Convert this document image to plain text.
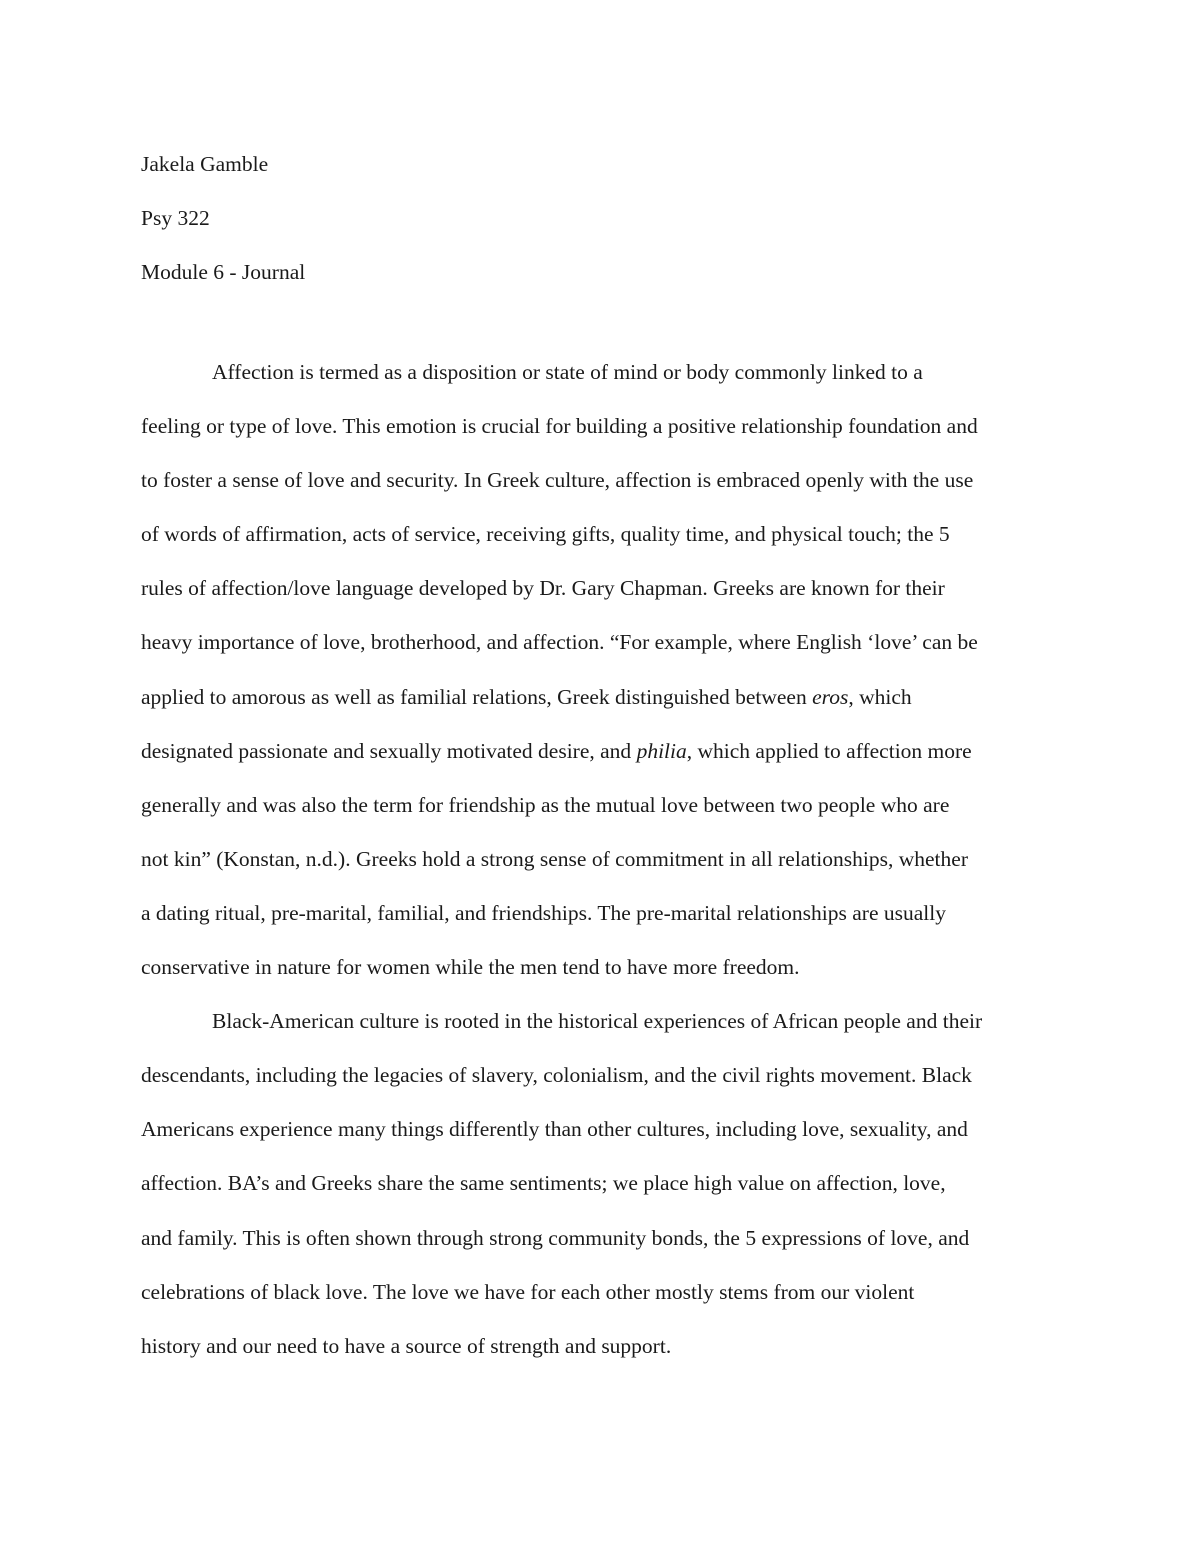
Jakela Gamble
Psy 322
Module 6 - Journal
Affection is termed as a disposition or state of mind or body commonly linked to a
feeling or type of love. This emotion is crucial for building a positive relationship foundation and
to foster a sense of love and security. In Greek culture, affection is embraced openly with the use
of words of affirmation, acts of service, receiving gifts, quality time, and physical touch; the 5
rules of affection/love language developed by Dr. Gary Chapman. Greeks are known for their
heavy importance of love, brotherhood, and affection. “For example, where English ‘love’ can be
applied to amorous as well as familial relations, Greek distinguished between eros, which
designated passionate and sexually motivated desire, and philia, which applied to affection more
generally and was also the term for friendship as the mutual love between two people who are
not kin” (Konstan, n.d.). Greeks hold a strong sense of commitment in all relationships, whether
a dating ritual, pre-marital, familial, and friendships. The pre-marital relationships are usually
conservative in nature for women while the men tend to have more freedom.
Black-American culture is rooted in the historical experiences of African people and their
descendants, including the legacies of slavery, colonialism, and the civil rights movement. Black
Americans experience many things differently than other cultures, including love, sexuality, and
affection. BA’s and Greeks share the same sentiments; we place high value on affection, love,
and family. This is often shown through strong community bonds, the 5 expressions of love, and
celebrations of black love. The love we have for each other mostly stems from our violent
history and our need to have a source of strength and support.
